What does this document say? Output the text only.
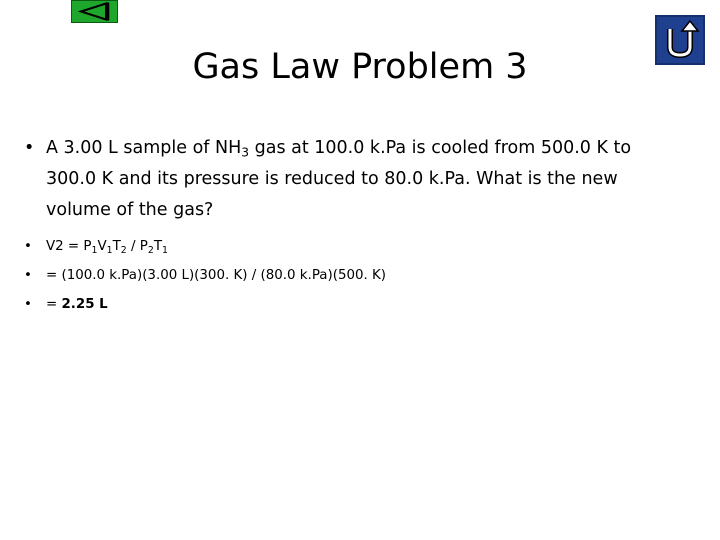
Gas Law Problem 3
• A 3.00 L sample of $NH_3$ gas at 100.0 k.Pa is cooled from 500.0 K to 300.0 K and its pressure is reduced to 80.0 k.Pa. What is the new volume of the gas?
• $V2 = P_1V_1T_2 / P_2T_1$
• = (100.0 k.Pa)(3.00 L)(300. K) / (80.0 k.Pa)(500. K)
• = 2.25 L
